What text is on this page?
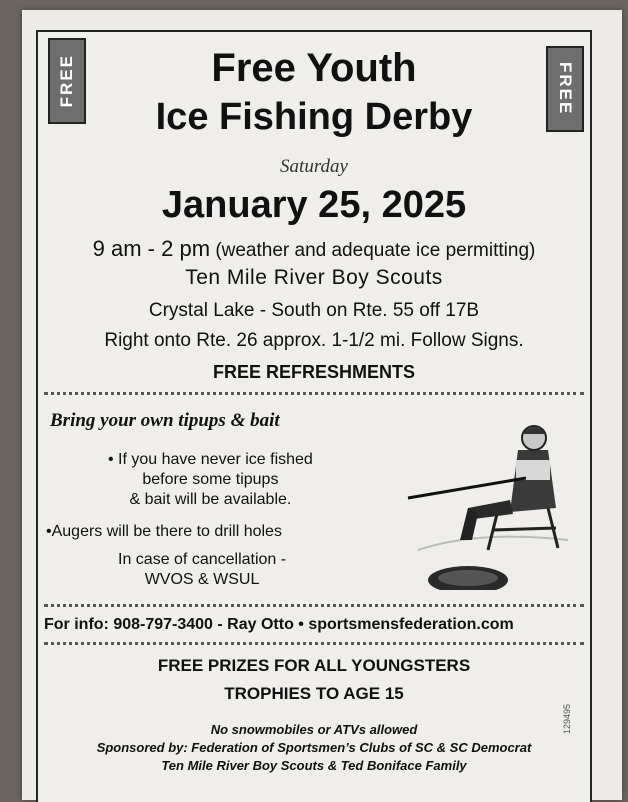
FREE	FREE
Free Youth
Ice Fishing Derby
Saturday
January 25, 2025
9 am - 2 pm (weather and adequate ice permitting)
Ten Mile River Boy Scouts
Crystal Lake - South on Rte. 55 off 17B
Right onto Rte. 26 approx. 1-1/2 mi. Follow Signs.
FREE REFRESHMENTS
Bring your own tipups & bait
• If you have never ice fished
before some tipups
& bait will be available.
•Augers will be there to drill holes
In case of cancellation -
WVOS & WSUL
For info: 908-797-3400 - Ray Otto • sportsmensfederation.com
FREE PRIZES FOR ALL YOUNGSTERS
TROPHIES TO AGE 15
129495
No snowmobiles or ATVs allowed
Sponsored by: Federation of Sportsmen’s Clubs of SC & SC Democrat
Ten Mile River Boy Scouts & Ted Boniface Family
